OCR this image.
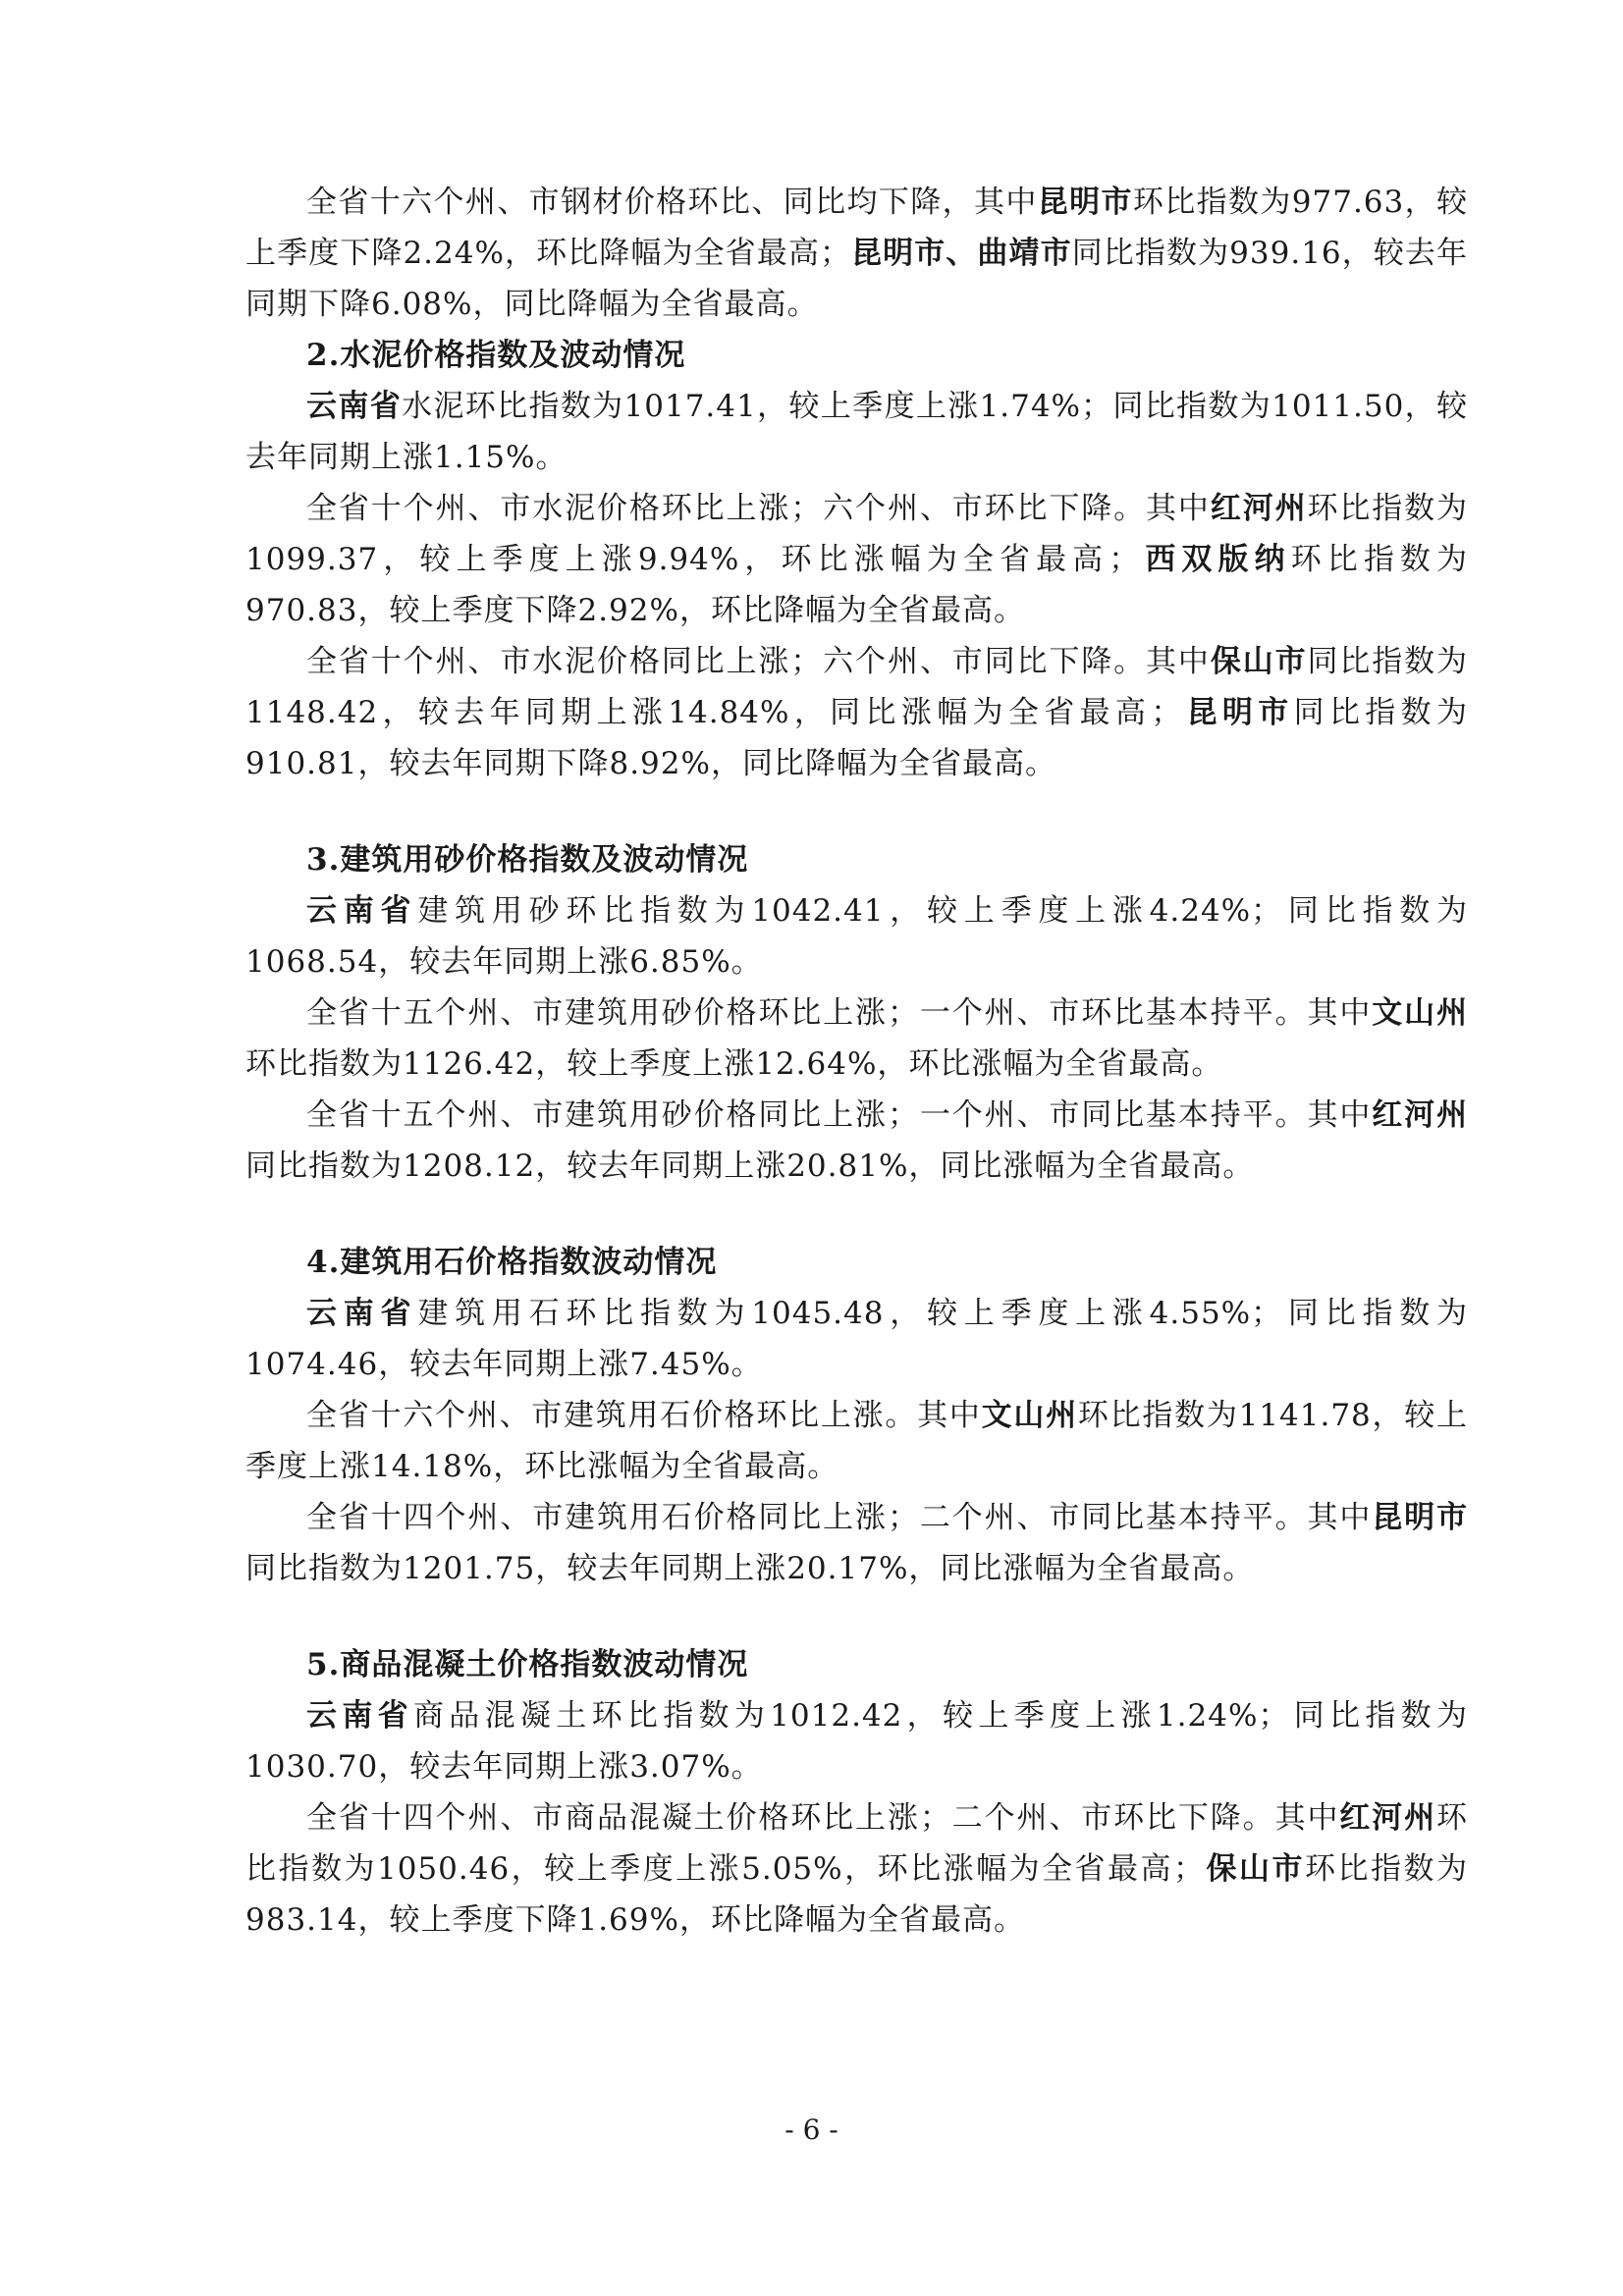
全省十六个州、市钢材价格环比、同比均下降，其中昆明市环比指数为977.63，较上季度下降2.24%，环比降幅为全省最高；昆明市、曲靖市同比指数为939.16，较去年同期下降6.08%，同比降幅为全省最高。

2.水泥价格指数及波动情况

云南省水泥环比指数为1017.41，较上季度上涨1.74%；同比指数为1011.50，较去年同期上涨1.15%。

全省十个州、市水泥价格环比上涨；六个州、市环比下降。其中红河州环比指数为1099.37，较上季度上涨9.94%，环比涨幅为全省最高；西双版纳环比指数为970.83，较上季度下降2.92%，环比降幅为全省最高。

全省十个州、市水泥价格同比上涨；六个州、市同比下降。其中保山市同比指数为1148.42，较去年同期上涨14.84%，同比涨幅为全省最高；昆明市同比指数为910.81，较去年同期下降8.92%，同比降幅为全省最高。

3.建筑用砂价格指数及波动情况

云南省建筑用砂环比指数为1042.41，较上季度上涨4.24%；同比指数为1068.54，较去年同期上涨6.85%。

全省十五个州、市建筑用砂价格环比上涨；一个州、市环比基本持平。其中文山州环比指数为1126.42，较上季度上涨12.64%，环比涨幅为全省最高。

全省十五个州、市建筑用砂价格同比上涨；一个州、市同比基本持平。其中红河州同比指数为1208.12，较去年同期上涨20.81%，同比涨幅为全省最高。

4.建筑用石价格指数波动情况

云南省建筑用石环比指数为1045.48，较上季度上涨4.55%；同比指数为1074.46，较去年同期上涨7.45%。

全省十六个州、市建筑用石价格环比上涨。其中文山州环比指数为1141.78，较上季度上涨14.18%，环比涨幅为全省最高。

全省十四个州、市建筑用石价格同比上涨；二个州、市同比基本持平。其中昆明市同比指数为1201.75，较去年同期上涨20.17%，同比涨幅为全省最高。

5.商品混凝土价格指数波动情况

云南省商品混凝土环比指数为1012.42，较上季度上涨1.24%；同比指数为1030.70，较去年同期上涨3.07%。

全省十四个州、市商品混凝土价格环比上涨；二个州、市环比下降。其中红河州环比指数为1050.46，较上季度上涨5.05%，环比涨幅为全省最高；保山市环比指数为983.14，较上季度下降1.69%，环比降幅为全省最高。

- 6 -
